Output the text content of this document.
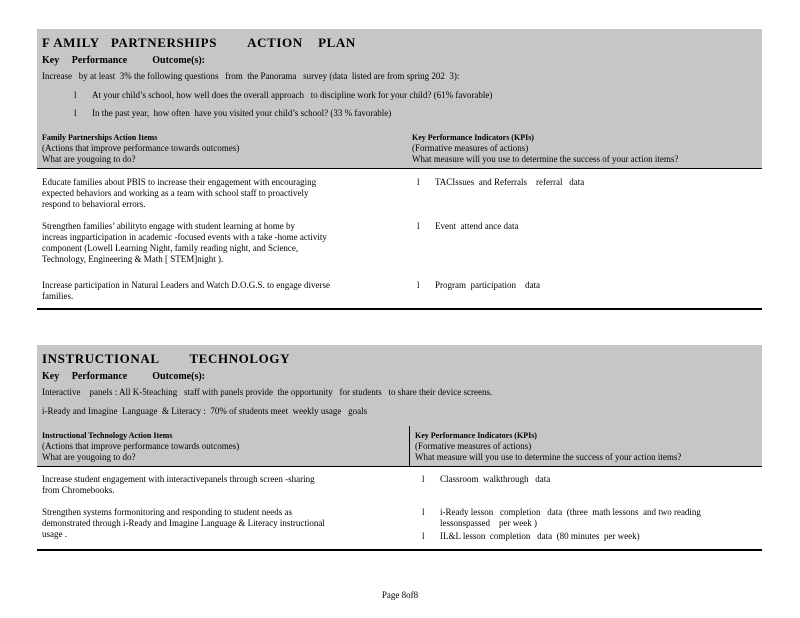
F AMILY   PARTNERSHIPS        ACTION    PLAN
Key     Performance          Outcome(s):
Increase   by at least  3% the following questions   from  the Panorama   survey (data  listed are from spring 202  3):
l At your child’s school, how well does the overall approach   to discipline work for your child? (61% favorable)
l In the past year,  how often  have you visited your child’s school? (33 % favorable)
Family Partnerships Action Items
(Actions that improve performance towards outcomes)
What are yougoing to do?
Key Performance Indicators (KPIs)
(Formative measures of actions)
What measure will you use to determine the success of your action items?
Educate families about PBIS to increase their engagement with encouraging
expected behaviors and working as a team with school staff to proactively
respond to behavioral errors.
l TACIssues  and Referrals    referral   data
Strengthen families’ abilityto engage with student learning at home by
increas ingparticipation in academic -focused events with a take -home activity
component (Lowell Learning Night, family reading night, and Science,
Technology, Engineering & Math [ STEM]night ).
l Event  attend ance data
Increase participation in Natural Leaders and Watch D.O.G.S. to engage diverse
families.
l Program  participation    data
INSTRUCTIONAL        TECHNOLOGY
Key     Performance          Outcome(s):
Interactive    panels : All K-5teaching   staff with panels provide  the opportunity   for students   to share their device screens.
i-Ready and Imagine  Language  & Literacy :  70% of students meet  weekly usage   goals
Instructional Technology Action Items
(Actions that improve performance towards outcomes)
What are yougoing to do?
Key Performance Indicators (KPIs)
(Formative measures of actions)
What measure will you use to determine the success of your action items?
Increase student engagement with interactivepanels through screen -sharing
from Chromebooks.
l Classroom  walkthrough   data
Strengthen systems formonitoring and responding to student needs as
demonstrated through i-Ready and Imagine Language & Literacy instructional
usage .
l i-Ready lesson   completion   data  (three  math lessons  and two reading
lessonspassed    per week )
l IL&L lesson  completion   data  (80 minutes  per week)
Page 8of8
